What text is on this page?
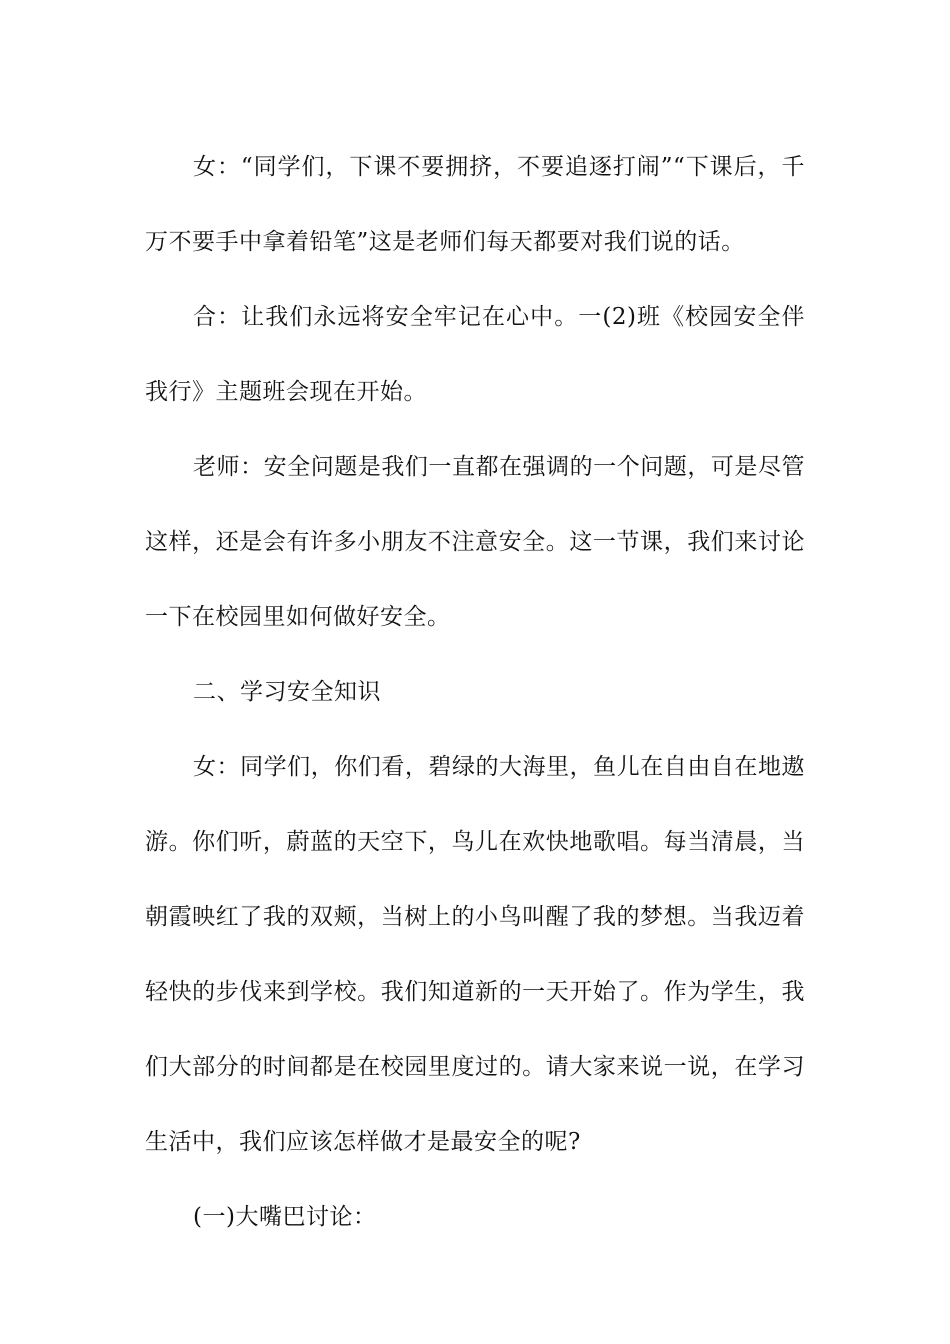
女：“同学们，下课不要拥挤，不要追逐打闹”“下课后，千万不要手中拿着铅笔”这是老师们每天都要对我们说的话。

合：让我们永远将安全牢记在心中。一(2)班《校园安全伴我行》主题班会现在开始。

老师：安全问题是我们一直都在强调的一个问题，可是尽管这样，还是会有许多小朋友不注意安全。这一节课，我们来讨论一下在校园里如何做好安全。

二、学习安全知识

女：同学们，你们看，碧绿的大海里，鱼儿在自由自在地遨游。你们听，蔚蓝的天空下，鸟儿在欢快地歌唱。每当清晨，当朝霞映红了我的双颊，当树上的小鸟叫醒了我的梦想。当我迈着轻快的步伐来到学校。我们知道新的一天开始了。作为学生，我们大部分的时间都是在校园里度过的。请大家来说一说，在学习生活中，我们应该怎样做才是最安全的呢?

(一)大嘴巴讨论：
